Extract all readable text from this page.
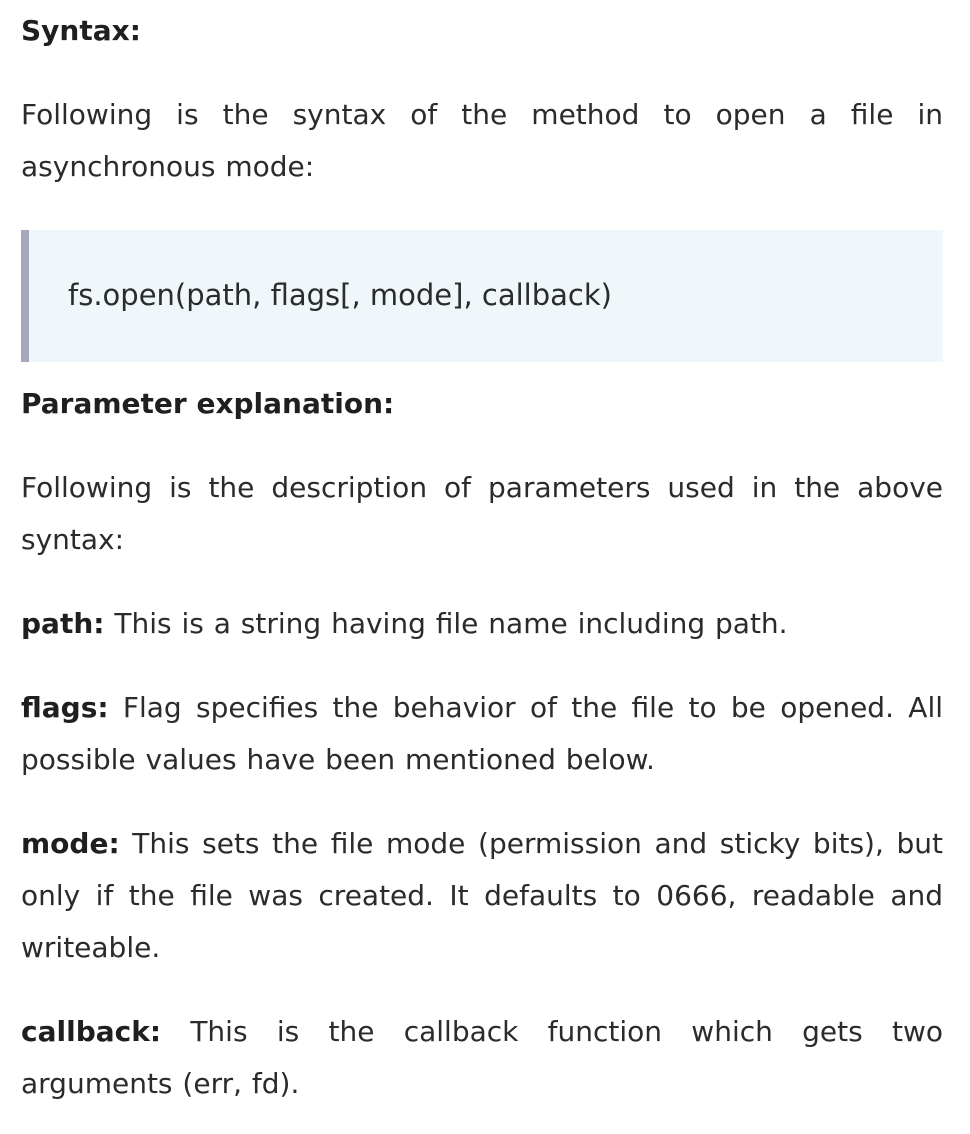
Syntax:

Following is the syntax of the method to open a file in asynchronous mode:

fs.open(path, flags[, mode], callback)
Parameter explanation:

Following is the description of parameters used in the above syntax:

path: This is a string having file name including path.

flags: Flag specifies the behavior of the file to be opened. All possible values have been mentioned below.

mode: This sets the file mode (permission and sticky bits), but only if the file was created. It defaults to 0666, readable and writeable.

callback: This is the callback function which gets two arguments (err, fd).
